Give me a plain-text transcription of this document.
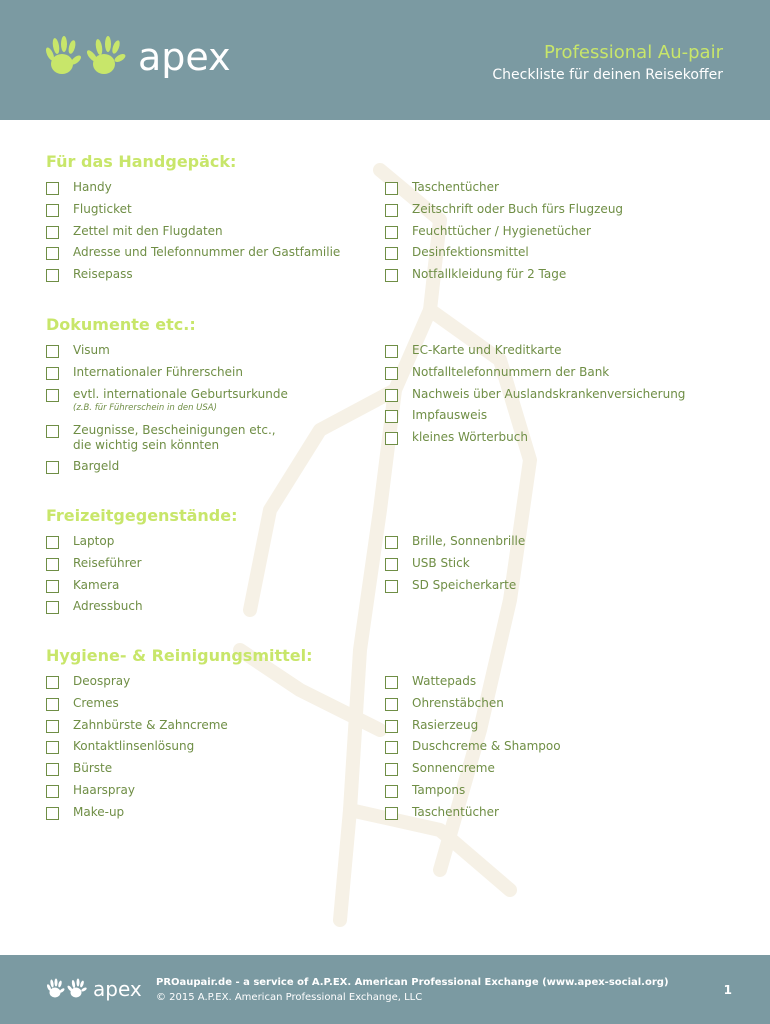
apex	Professional Au-pair
Checkliste für deinen Reisekoffer
Für das Handgepäck:
Handy
Flugticket
Zettel mit den Flugdaten
Adresse und Telefonnummer der Gastfamilie
Reisepass
Taschentücher
Zeitschrift oder Buch fürs Flugzeug
Feuchttücher / Hygienetücher
Desinfektionsmittel
Notfallkleidung für 2 Tage
Dokumente etc.:
Visum
Internationaler Führerschein
evtl. internationale Geburtsurkunde
(z.B. für Führerschein in den USA)
Zeugnisse, Bescheinigungen etc.,
die wichtig sein könnten
Bargeld
EC-Karte und Kreditkarte
Notfalltelefonnummern der Bank
Nachweis über Auslandskrankenversicherung
Impfausweis
kleines Wörterbuch
Freizeitgegenstände:
Laptop
Reiseführer
Kamera
Adressbuch
Brille, Sonnenbrille
USB Stick
SD Speicherkarte
Hygiene- & Reinigungsmittel:
Deospray
Cremes
Zahnbürste & Zahncreme
Kontaktlinsenlösung
Bürste
Haarspray
Make-up
Wattepads
Ohrenstäbchen
Rasierzeug
Duschcreme & Shampoo
Sonnencreme
Tampons
Taschentücher
apex PROaupair.de - a service of A.P.EX. American Professional Exchange (www.apex-social.org)
© 2015 A.P.EX. American Professional Exchange, LLC
1
